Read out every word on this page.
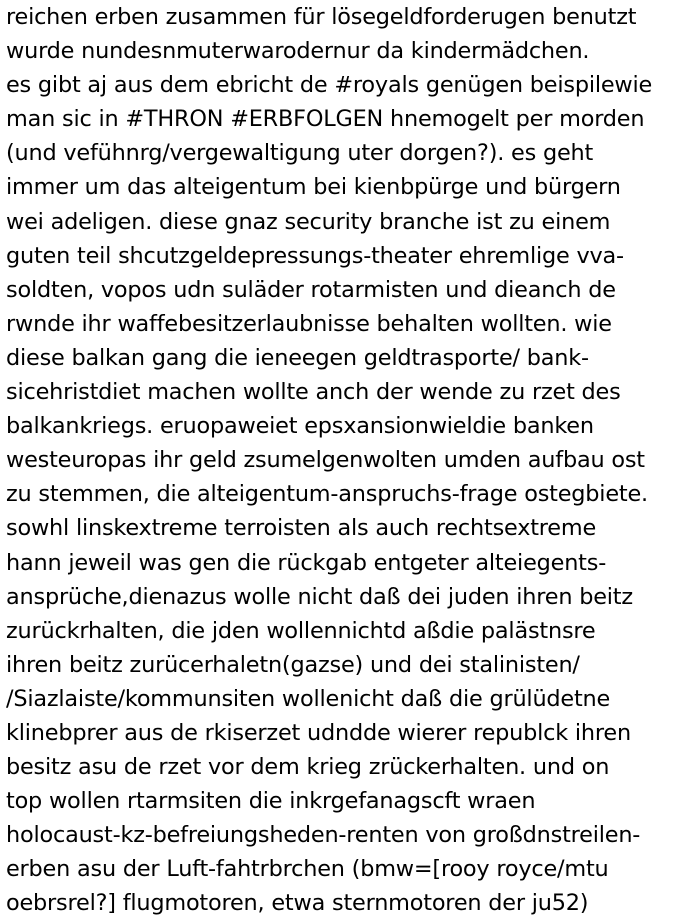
reichen erben zusammen für lösegeldforderugen benutzt
wurde nundesnmuterwarodernur da kindermädchen.
es gibt aj aus dem ebricht de #royals genügen beispilewie
man sic in #THRON #ERBFOLGEN hnemogelt per morden
(und vefühnrg/vergewaltigung uter dorgen?). es geht
immer um das alteigentum bei kienbpürge und bürgern
wei adeligen. diese gnaz security branche ist zu einem
guten teil shcutzgeldepressungs-theater ehremlige vva-
soldten, vopos udn suläder rotarmisten und dieanch de
rwnde ihr waffebesitzerlaubnisse behalten wollten. wie
diese balkan gang die ieneegen geldtrasporte/ bank-
sicehristdiet machen wollte anch der wende zu rzet des
balkankriegs. eruopaweiet epsxansionwieldie banken
westeuropas ihr geld zsumelgenwolten umden aufbau ost
zu stemmen, die alteigentum-anspruchs-frage ostegbiete.
sowhl linskextreme terroisten als auch rechtsextreme
hann jeweil was gen die rückgab entgeter alteiegents-
ansprüche,dienazus wolle nicht daß dei juden ihren beitz
zurückrhalten, die jden wollennichtd aßdie palästnsre
ihren beitz zurücerhaletn(gazse) und dei stalinisten/
/Siazlaiste/kommunsiten wollenicht daß die grülüdetne
klinebprer aus de rkiserzet udndde wierer republck ihren
besitz asu de rzet vor dem krieg zrückerhalten. und on
top wollen rtarmsiten die inkrgefanagscft wraen
holocaust-kz-befreiungsheden-renten von großdnstreilen-
erben asu der Luft-fahtrbrchen (bmw=[rooy royce/mtu
oebrsrel?] flugmotoren, etwa sternmotoren der ju52)
